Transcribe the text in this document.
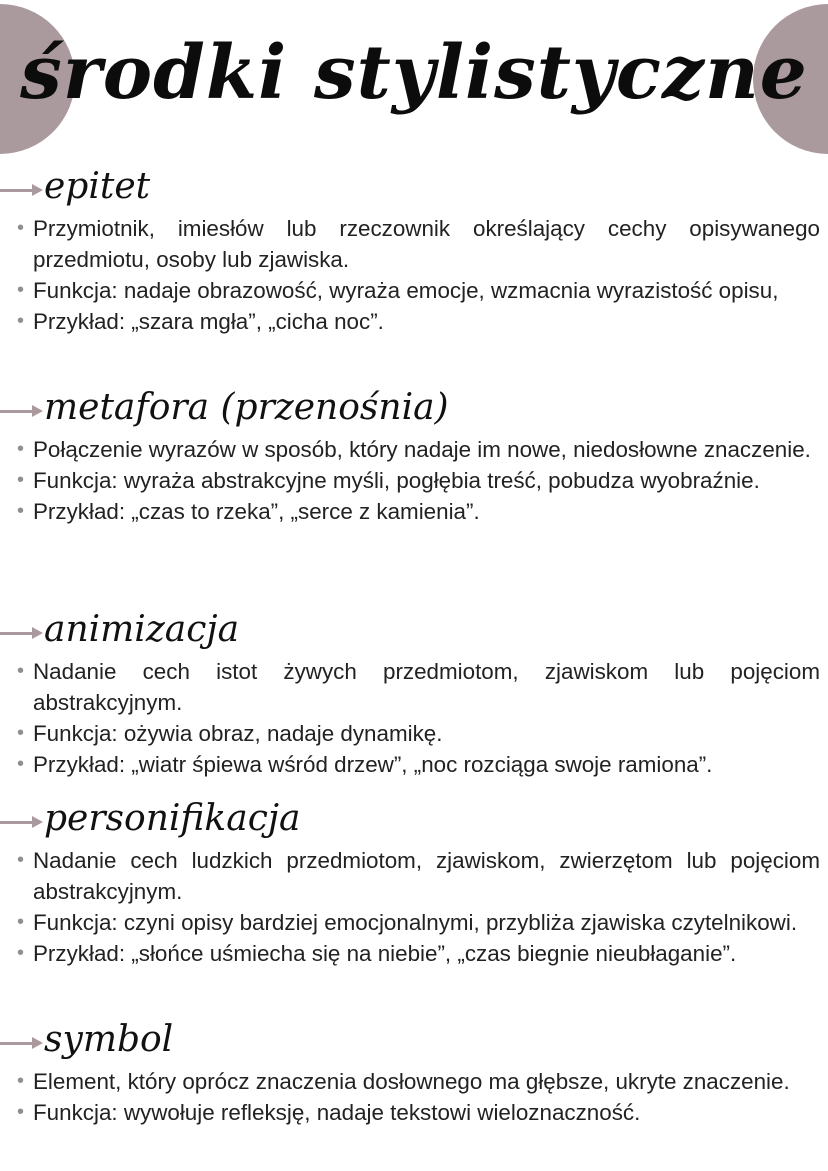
środki stylistyczne
epitet
• Przymiotnik, imiesłów lub rzeczownik określający cechy opisywanego przedmiotu, osoby lub zjawiska.
• Funkcja: nadaje obrazowość, wyraża emocje, wzmacnia wyrazistość opisu,
• Przykład: „szara mgła”, „cicha noc”.
metafora (przenośnia)
• Połączenie wyrazów w sposób, który nadaje im nowe, niedosłowne znaczenie.
• Funkcja: wyraża abstrakcyjne myśli, pogłębia treść, pobudza wyobraźnie.
• Przykład: „czas to rzeka”, „serce z kamienia”.
animizacja
• Nadanie cech istot żywych przedmiotom, zjawiskom lub pojęciom abstrakcyjnym.
• Funkcja: ożywia obraz, nadaje dynamikę.
• Przykład: „wiatr śpiewa wśród drzew”, „noc rozciąga swoje ramiona”.
personifikacja
• Nadanie cech ludzkich przedmiotom, zjawiskom, zwierzętom lub pojęciom abstrakcyjnym.
• Funkcja: czyni opisy bardziej emocjonalnymi, przybliża zjawiska czytelnikowi.
• Przykład: „słońce uśmiecha się na niebie”, „czas biegnie nieubłaganie”.
symbol
• Element, który oprócz znaczenia dosłownego ma głębsze, ukryte znaczenie.
• Funkcja: wywołuje refleksję, nadaje tekstowi wieloznaczność.
